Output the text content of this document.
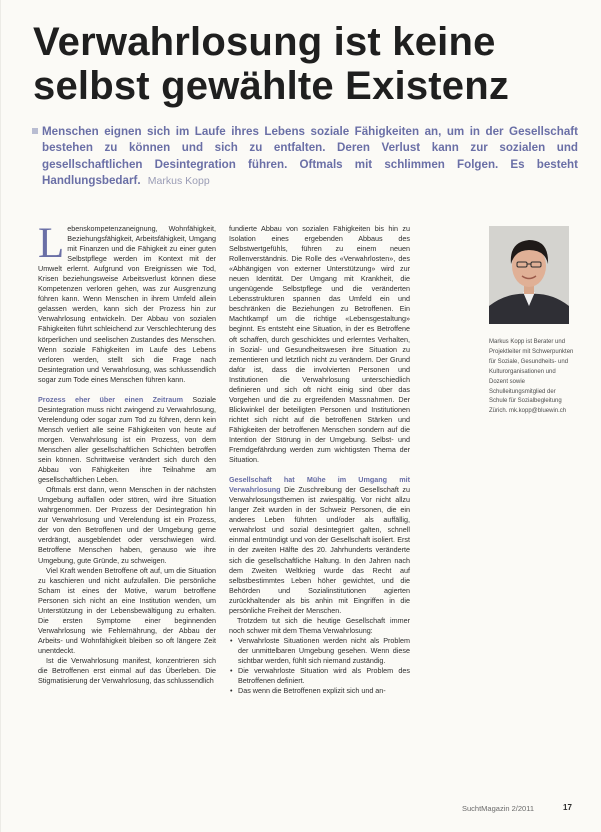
Verwahrlosung ist keine selbst gewählte Existenz

Menschen eignen sich im Laufe ihres Lebens soziale Fähigkeiten an, um in der Gesellschaft bestehen zu können und sich zu entfalten. Deren Verlust kann zur sozialen und gesellschaftlichen Desintegration führen. Oftmals mit schlimmen Folgen. Es besteht Handlungsbedarf. Markus Kopp

Lebenskompetenzaneignung, Wohnfähigkeit, Beziehungsfähigkeit, Arbeitsfähigkeit, Umgang mit Finanzen und die Fähigkeit zu einer guten Selbstpflege werden im Kontext mit der Umwelt erlernt. Aufgrund von Ereignissen wie Tod, Krisen beziehungsweise Arbeitsverlust können diese Kompetenzen verloren gehen, was zur Ausgrenzung führen kann. Wenn Menschen in ihrem Umfeld allein gelassen werden, kann sich der Prozess hin zur Verwahrlosung entwickeln. Der Abbau von sozialen Fähigkeiten führt schleichend zur Verschlechterung des körperlichen und seelischen Zustandes des Menschen. Wenn soziale Fähigkeiten im Laufe des Lebens verloren werden, stellt sich die Frage nach Desintegration und Verwahrlosung, was schlussendlich sogar zum Tode eines Menschen führen kann.

Prozess eher über einen Zeitraum Soziale Desintegration muss nicht zwingend zu Verwahrlosung, Verelendung oder sogar zum Tod zu führen, denn kein Mensch verliert alle seine Fähigkeiten von heute auf morgen. Verwahrlosung ist ein Prozess, von dem Menschen aller gesellschaftlichen Schichten betroffen sein können. Schrittweise verändert sich durch den Abbau von Fähigkeiten ihre Teilnahme am gesellschaftlichen Leben.

Oftmals erst dann, wenn Menschen in der nächsten Umgebung auffallen oder stören, wird ihre Situation wahrgenommen. Der Prozess der Desintegration hin zur Verwahrlosung und Verelendung ist ein Prozess, der von den Betroffenen und der Umgebung gerne verdrängt, ausgeblendet oder verschwiegen wird. Betroffene Menschen haben, genauso wie ihre Umgebung, gute Gründe, zu schweigen.

Viel Kraft wenden Betroffene oft auf, um die Situation zu kaschieren und nicht aufzufallen. Die persönliche Scham ist eines der Motive, warum betroffene Personen sich nicht an eine Institution wenden, um Unterstützung in der Lebensbewältigung zu erhalten. Die ersten Symptome einer beginnenden Verwahrlosung wie Fehlernährung, der Abbau der Arbeits- und Wohnfähigkeit bleiben so oft längere Zeit unentdeckt.

Ist die Verwahrlosung manifest, konzentrieren sich die Betroffenen erst einmal auf das Überleben. Die Stigmatisierung der Verwahrlosung, das schlussendlich

fundierte Abbau von sozialen Fähigkeiten bis hin zu Isolation eines ergebenden Abbaus des Selbstwertgefühls, führen zu einem neuen Rollenverständnis. Die Rolle des «Verwahrlosten», des «Abhängigen von externer Unterstützung» wird zur neuen Identität. Der Umgang mit Krankheit, die ungenügende Selbstpflege und die veränderten Lebensstrukturen spannen das Umfeld ein und beschränken die Beziehungen zu Betroffenen. Ein Machtkampf um die richtige «Lebensgestaltung» beginnt. Es entsteht eine Situation, in der es Betroffene oft schaffen, durch geschicktes und erlerntes Verhalten, in Sozial- und Gesundheitswesen ihre Situation zu zementieren und letztlich nicht zu verändern. Der Grund dafür ist, dass die involvierten Personen und Institutionen die Verwahrlosung unterschiedlich definieren und sich oft nicht einig sind über das Vorgehen und die zu ergreifenden Massnahmen. Der Blickwinkel der beteiligten Personen und Institutionen richtet sich nicht auf die betroffenen Stärken und Fähigkeiten der betroffenen Menschen sondern auf die Intention der Störung in der Umgebung. Selbst- und Fremdgefährdung werden zum wichtigsten Thema der Situation.

Gesellschaft hat Mühe im Umgang mit Verwahrlosung Die Zuschreibung der Gesellschaft zu Verwahrlosungsthemen ist zwiespältig. Vor nicht allzu langer Zeit wurden in der Schweiz Personen, die ein anderes Leben führten und/oder als auffällig, verwahrlost und sozial desintegriert galten, schnell einmal entmündigt und von der Gesellschaft isoliert. Erst in der zweiten Hälfte des 20. Jahrhunderts veränderte sich die gesellschaftliche Haltung. In den Jahren nach dem Zweiten Weltkrieg wurde das Recht auf selbstbestimmtes Leben höher gewichtet, und die Behörden und Sozialinstitutionen agierten zurückhaltender als bis anhin mit Eingriffen in die persönliche Freiheit der Menschen.

Trotzdem tut sich die heutige Gesellschaft immer noch schwer mit dem Thema Verwahrlosung:

• Verwahrloste Situationen werden nicht als Problem der unmittelbaren Umgebung gesehen. Wenn diese sichtbar werden, fühlt sich niemand zuständig.
• Die verwahrloste Situation wird als Problem des Betroffenen definiert.
• Das wenn die Betroffenen explizit sich und an-

Markus Kopp ist Berater und Projektleiter mit Schwerpunkten für Soziale, Gesundheits- und Kulturorganisationen und Dozent sowie Schulleitungsmitglied der Schule für Sozialbegleitung Zürich. mk.kopp@bluewin.ch

SuchtMagazin 2/2011	17
